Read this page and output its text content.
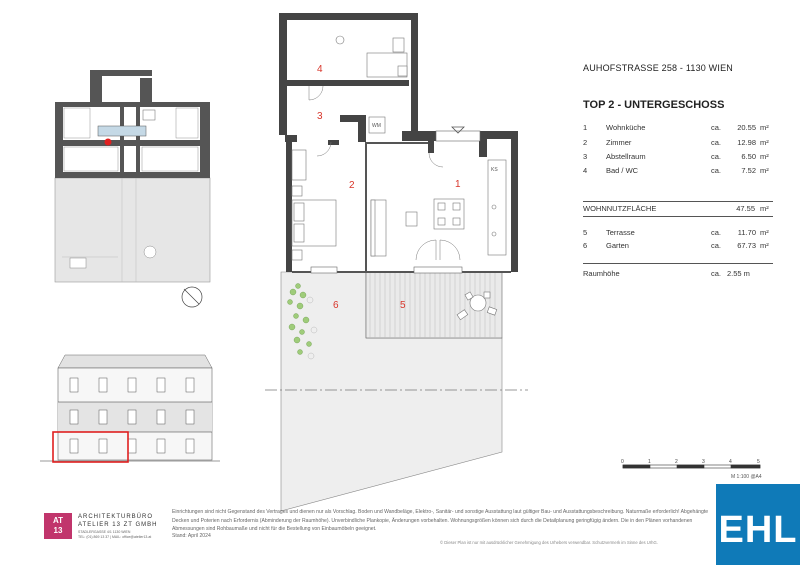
WM
KS
4
3
2	1
6	5
AUHOFSTRASSE 258 - 1130 WIEN
TOP 2 - UNTERGESCHOSS
1	Wohnküche	ca.	20.55 m²
2	Zimmer	ca.	12.98 m²
3	Abstellraum	ca.	6.50 m²
4	Bad / WC	ca.	7.52 m²
WOHNNUTZFLÄCHE	47.55 m²
5	Terrasse	ca.	11.70 m²
6	Garten	ca.	67.73 m²
Raumhöhe	ca. 2.55 m
0	1	2	3	4	5
M 1:100 @A4
AT
13
ARCHITEKTURBÜRO
ATELIER 13 ZT GMBH
STADLERGASSE 4/1 1130 WIEN
TEL: (01) 869 13 37 | MAIL: office@atelier13.at
Einrichtungen sind nicht Gegenstand des Vertrages und dienen nur als Vorschlag. Boden und Wandbeläge, Elektro-, Sanitär- und sonstige Ausstattung laut gültiger Bau- und Ausstattungsbeschreibung. Naturmaße erforderlich! Abgehängte Decken und Poterien nach Erfordernis (Abminderung der Raumhöhe). Unverbindliche Plankopie, Änderungen vorbehalten. Wohnungsgrößen können sich durch die Detailplanung geringfügig ändern. Die in den Plänen vorhandenen Abmessungen sind Rohbaumaße und nicht für die Bestellung von Einbaumöbeln geeignet.
Stand: April 2024
© Dieser Plan ist nur mit ausdrücklicher Genehmigung des Urhebers verwendbar. Schutzvermerk im Sinne des UrhG. EHL
